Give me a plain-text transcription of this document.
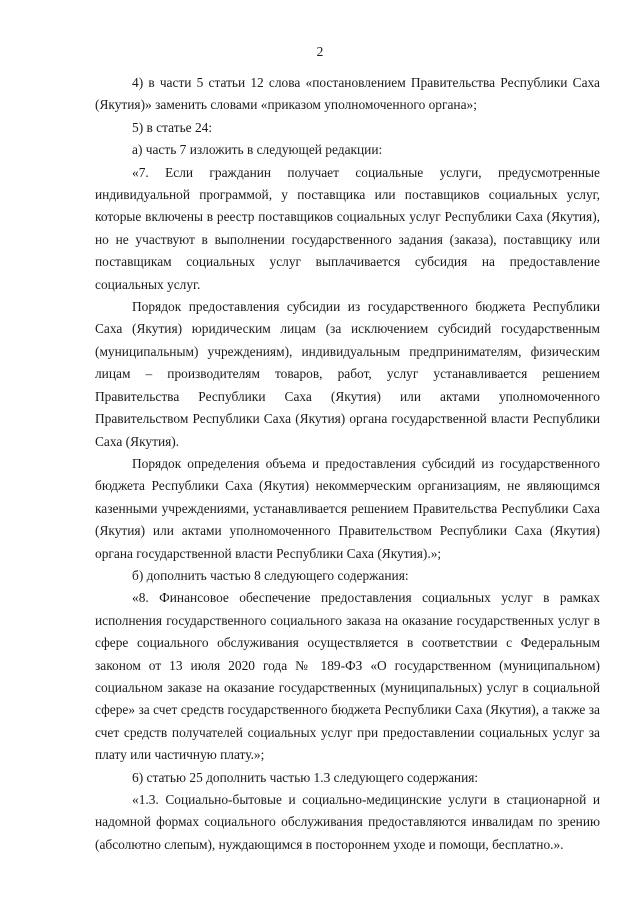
2

4) в части 5 статьи 12 слова «постановлением Правительства Республики Саха (Якутия)» заменить словами «приказом уполномоченного органа»;

5) в статье 24:

а) часть 7 изложить в следующей редакции:

«7. Если гражданин получает социальные услуги, предусмотренные индивидуальной программой, у поставщика или поставщиков социальных услуг, которые включены в реестр поставщиков социальных услуг Республики Саха (Якутия), но не участвуют в выполнении государственного задания (заказа), поставщику или поставщикам социальных услуг выплачивается субсидия на предоставление социальных услуг.

Порядок предоставления субсидии из государственного бюджета Республики Саха (Якутия) юридическим лицам (за исключением субсидий государственным (муниципальным) учреждениям), индивидуальным предпринимателям, физическим лицам – производителям товаров, работ, услуг устанавливается решением Правительства Республики Саха (Якутия) или актами уполномоченного Правительством Республики Саха (Якутия) органа государственной власти Республики Саха (Якутия).

Порядок определения объема и предоставления субсидий из государственного бюджета Республики Саха (Якутия) некоммерческим организациям, не являющимся казенными учреждениями, устанавливается решением Правительства Республики Саха (Якутия) или актами уполномоченного Правительством Республики Саха (Якутия) органа государственной власти Республики Саха (Якутия).»;

б) дополнить частью 8 следующего содержания:

«8. Финансовое обеспечение предоставления социальных услуг в рамках исполнения государственного социального заказа на оказание государственных услуг в сфере социального обслуживания осуществляется в соответствии с Федеральным законом от 13 июля 2020 года № 189-ФЗ «О государственном (муниципальном) социальном заказе на оказание государственных (муниципальных) услуг в социальной сфере» за счет средств государственного бюджета Республики Саха (Якутия), а также за счет средств получателей социальных услуг при предоставлении социальных услуг за плату или частичную плату.»;

6) статью 25 дополнить частью 1.3 следующего содержания:

«1.3. Социально-бытовые и социально-медицинские услуги в стационарной и надомной формах социального обслуживания предоставляются инвалидам по зрению (абсолютно слепым), нуждающимся в постороннем уходе и помощи, бесплатно.».
